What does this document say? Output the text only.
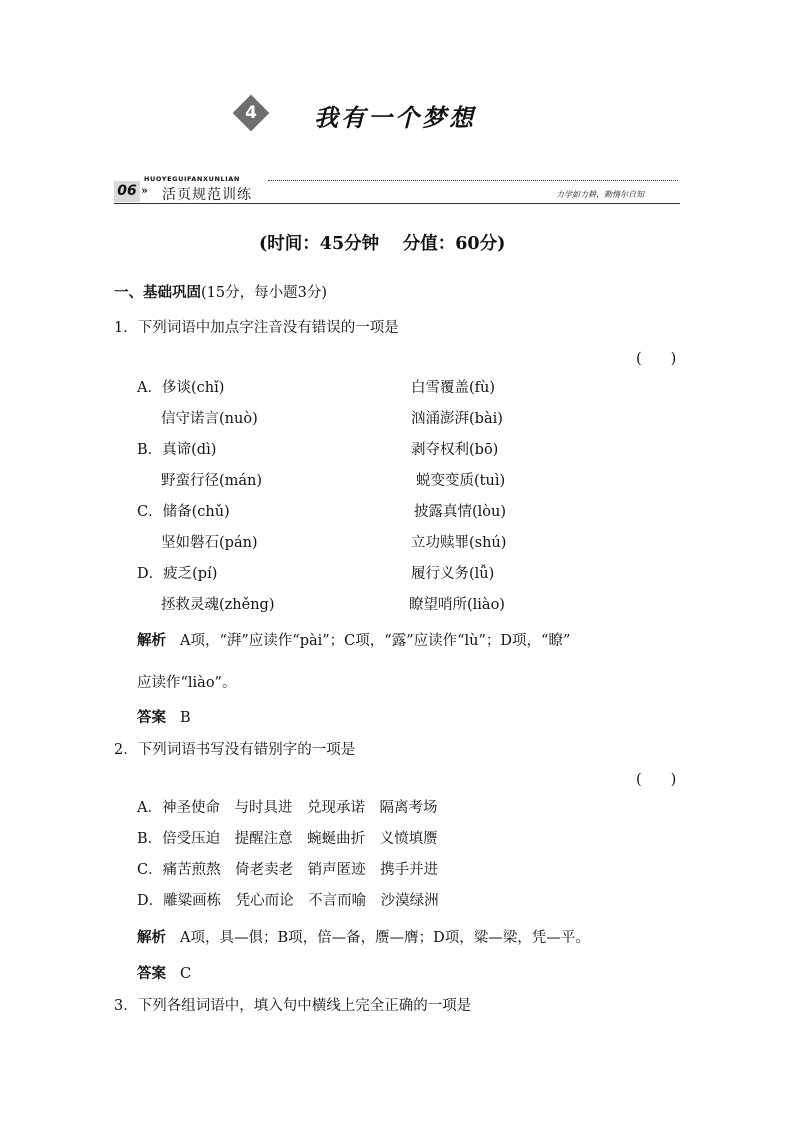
4 我有一个梦想
06
HUOYEGUIFANXUNLIAN
» 活页规范训练	力学如力耕，勤惰尔自知
(时间：45分钟　 分值：60分)
一、基础巩固(15分，每小题3分)
1．下列词语中加点字注音没有错误的一项是
(　　)
A．侈谈(chǐ)	白雪覆盖(fù)
信守诺言(nuò)	汹涌澎湃(bài)
B．真谛(dì)	剥夺权利(bō)
野蛮行径(mán)	蜕变变质(tuì)
C．储备(chǔ)	披露真情(lòu)
坚如磐石(pán)	立功赎罪(shú)
D．疲乏(pí)	履行义务(lǚ)
拯救灵魂(zhěng)	瞭望哨所(liào)
解析 A项，“湃”应读作“pài”；C项，“露”应读作“lù”；D项，“瞭”
应读作“liào”。
答案 B
2．下列词语书写没有错别字的一项是
(　　)
A．神圣使命　与时具进　兑现承诺　隔离考场
B．倍受压迫　提醒注意　蜿蜒曲折　义愤填赝
C．痛苦煎熬　倚老卖老　销声匿迹　携手并进
D．雕粱画栋　凭心而论　不言而喻　沙漠绿洲
解析 A项，具—俱；B项，倍—备，赝—膺；D项，粱—梁，凭—平。
答案 C
3．下列各组词语中，填入句中横线上完全正确的一项是
